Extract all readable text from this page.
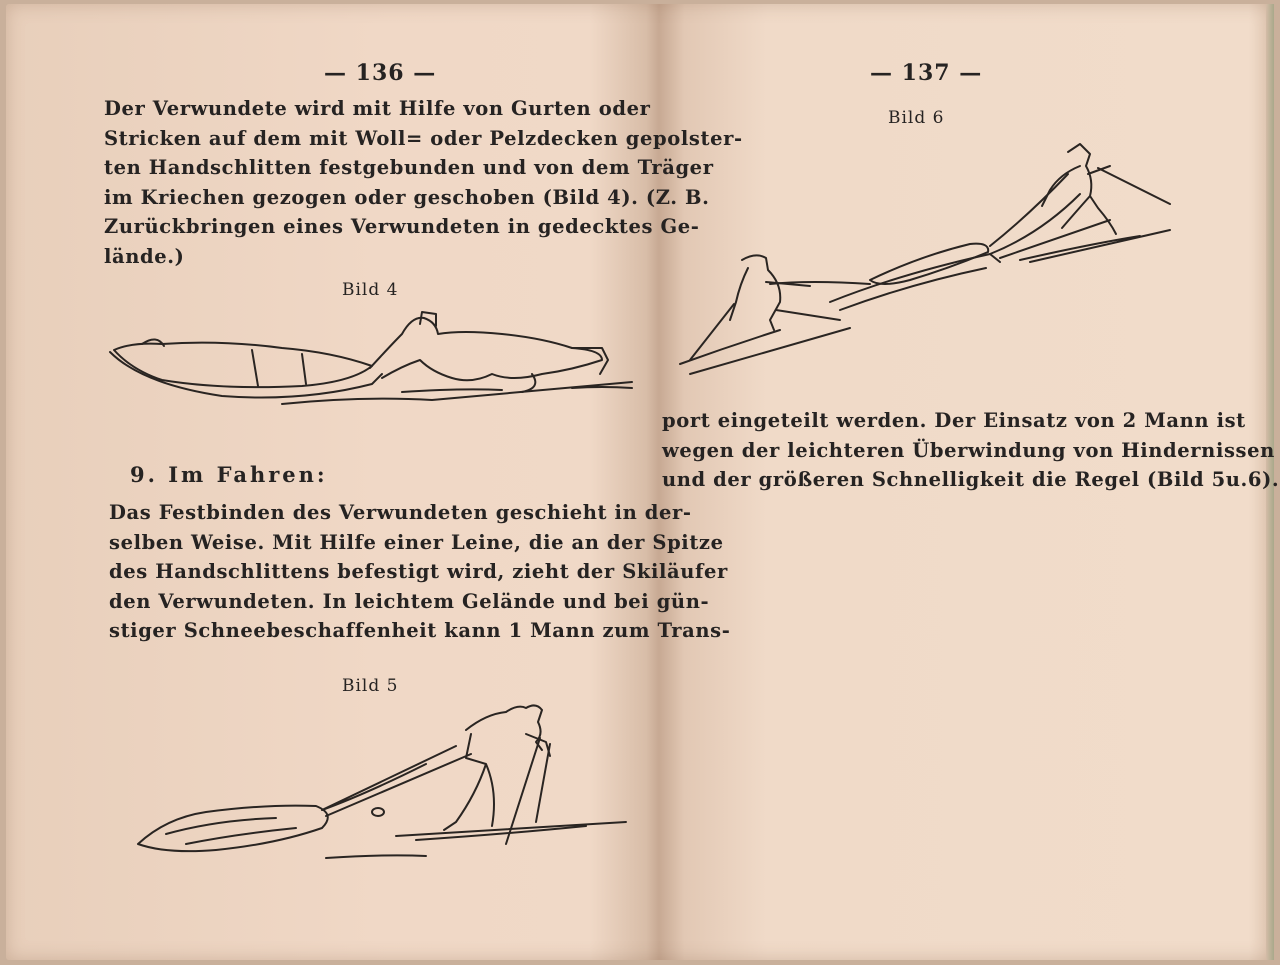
— 136 —
Der Verwundete wird mit Hilfe von Gurten oder
Stricken auf dem mit Woll= oder Pelzdecken gepolster-
ten Handschlitten festgebunden und von dem Träger
im Kriechen gezogen oder geschoben (Bild 4). (Z. B.
Zurückbringen eines Verwundeten in gedecktes Ge-
lände.)
Bild 4
9. Im Fahren:
Das Festbinden des Verwundeten geschieht in der-
selben Weise. Mit Hilfe einer Leine, die an der Spitze
des Handschlittens befestigt wird, zieht der Skiläufer
den Verwundeten. In leichtem Gelände und bei gün-
stiger Schneebeschaffenheit kann 1 Mann zum Trans-
Bild 5
— 137 —
Bild 6
port eingeteilt werden. Der Einsatz von 2 Mann ist
wegen der leichteren Überwindung von Hindernissen
und der größeren Schnelligkeit die Regel (Bild 5u.6).
